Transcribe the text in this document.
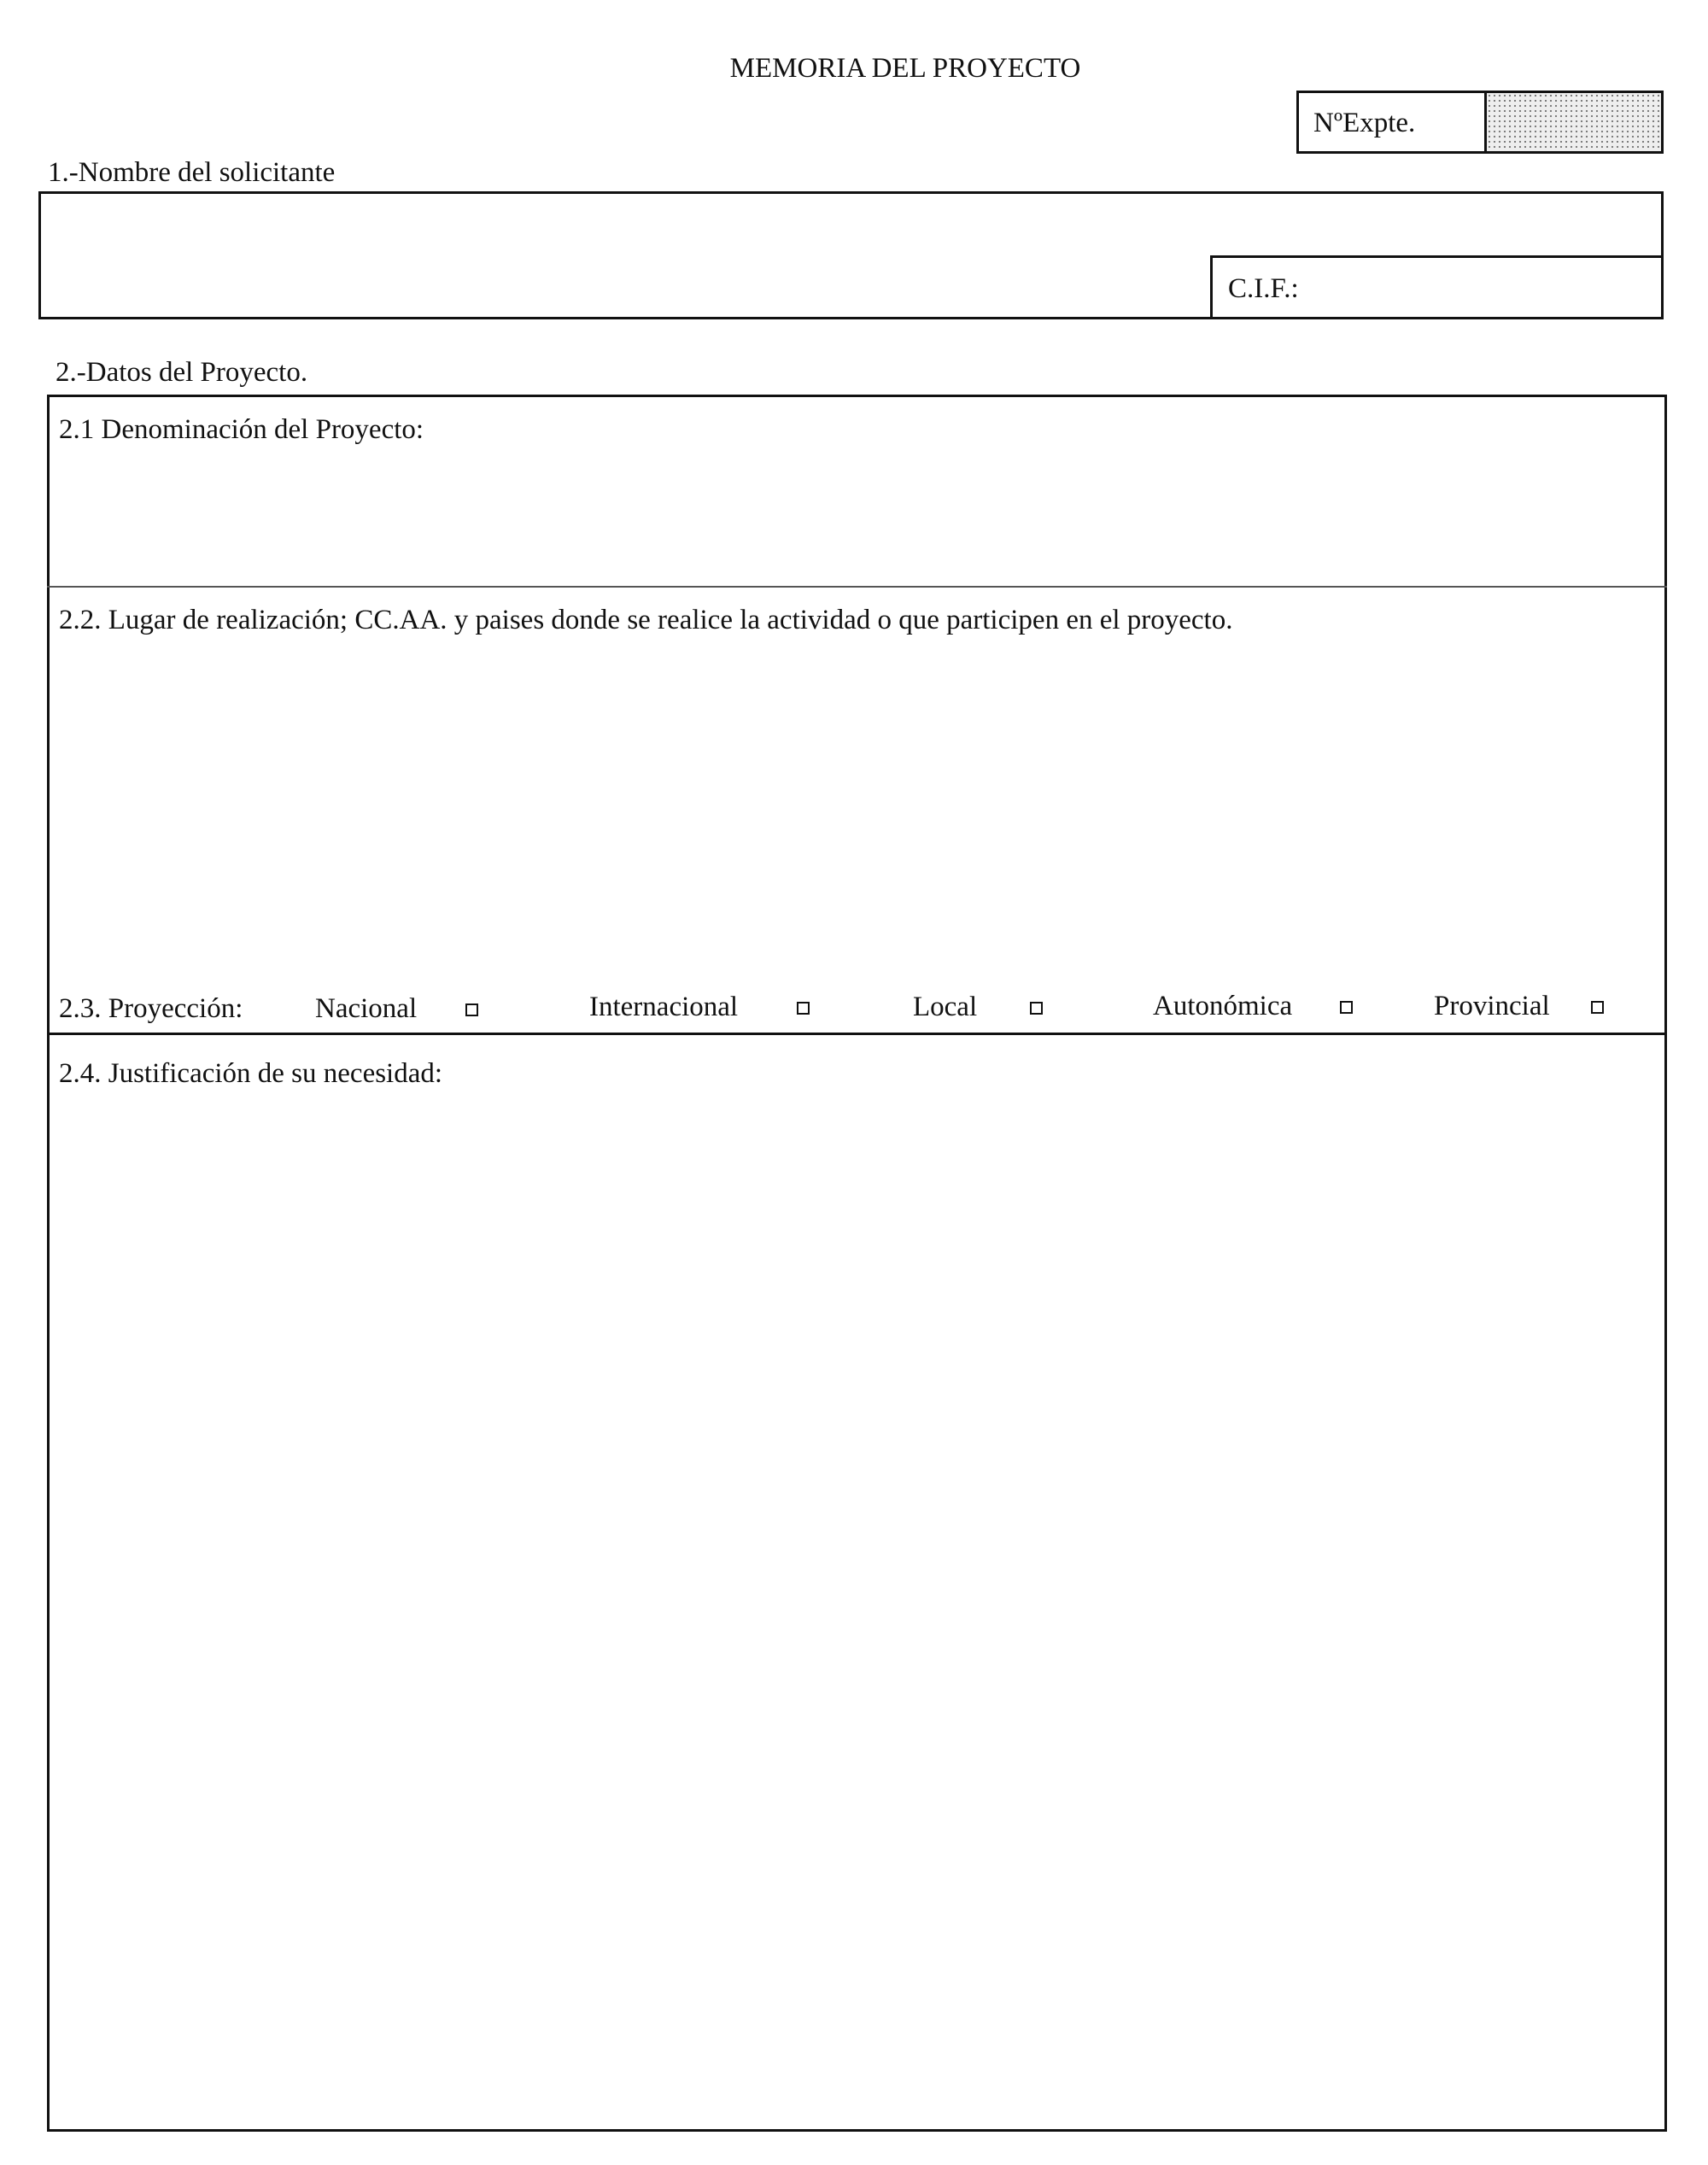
MEMORIA DEL PROYECTO
NºExpte.
1.-Nombre del solicitante
C.I.F.:
2.-Datos del Proyecto.
2.1 Denominación del Proyecto:
2.2. Lugar de realización; CC.AA. y paises donde se realice la actividad o que participen en el proyecto.
2.3. Proyección:	Nacional	Internacional	Local	Autonómica	Provincial
2.4. Justificación de su necesidad:
